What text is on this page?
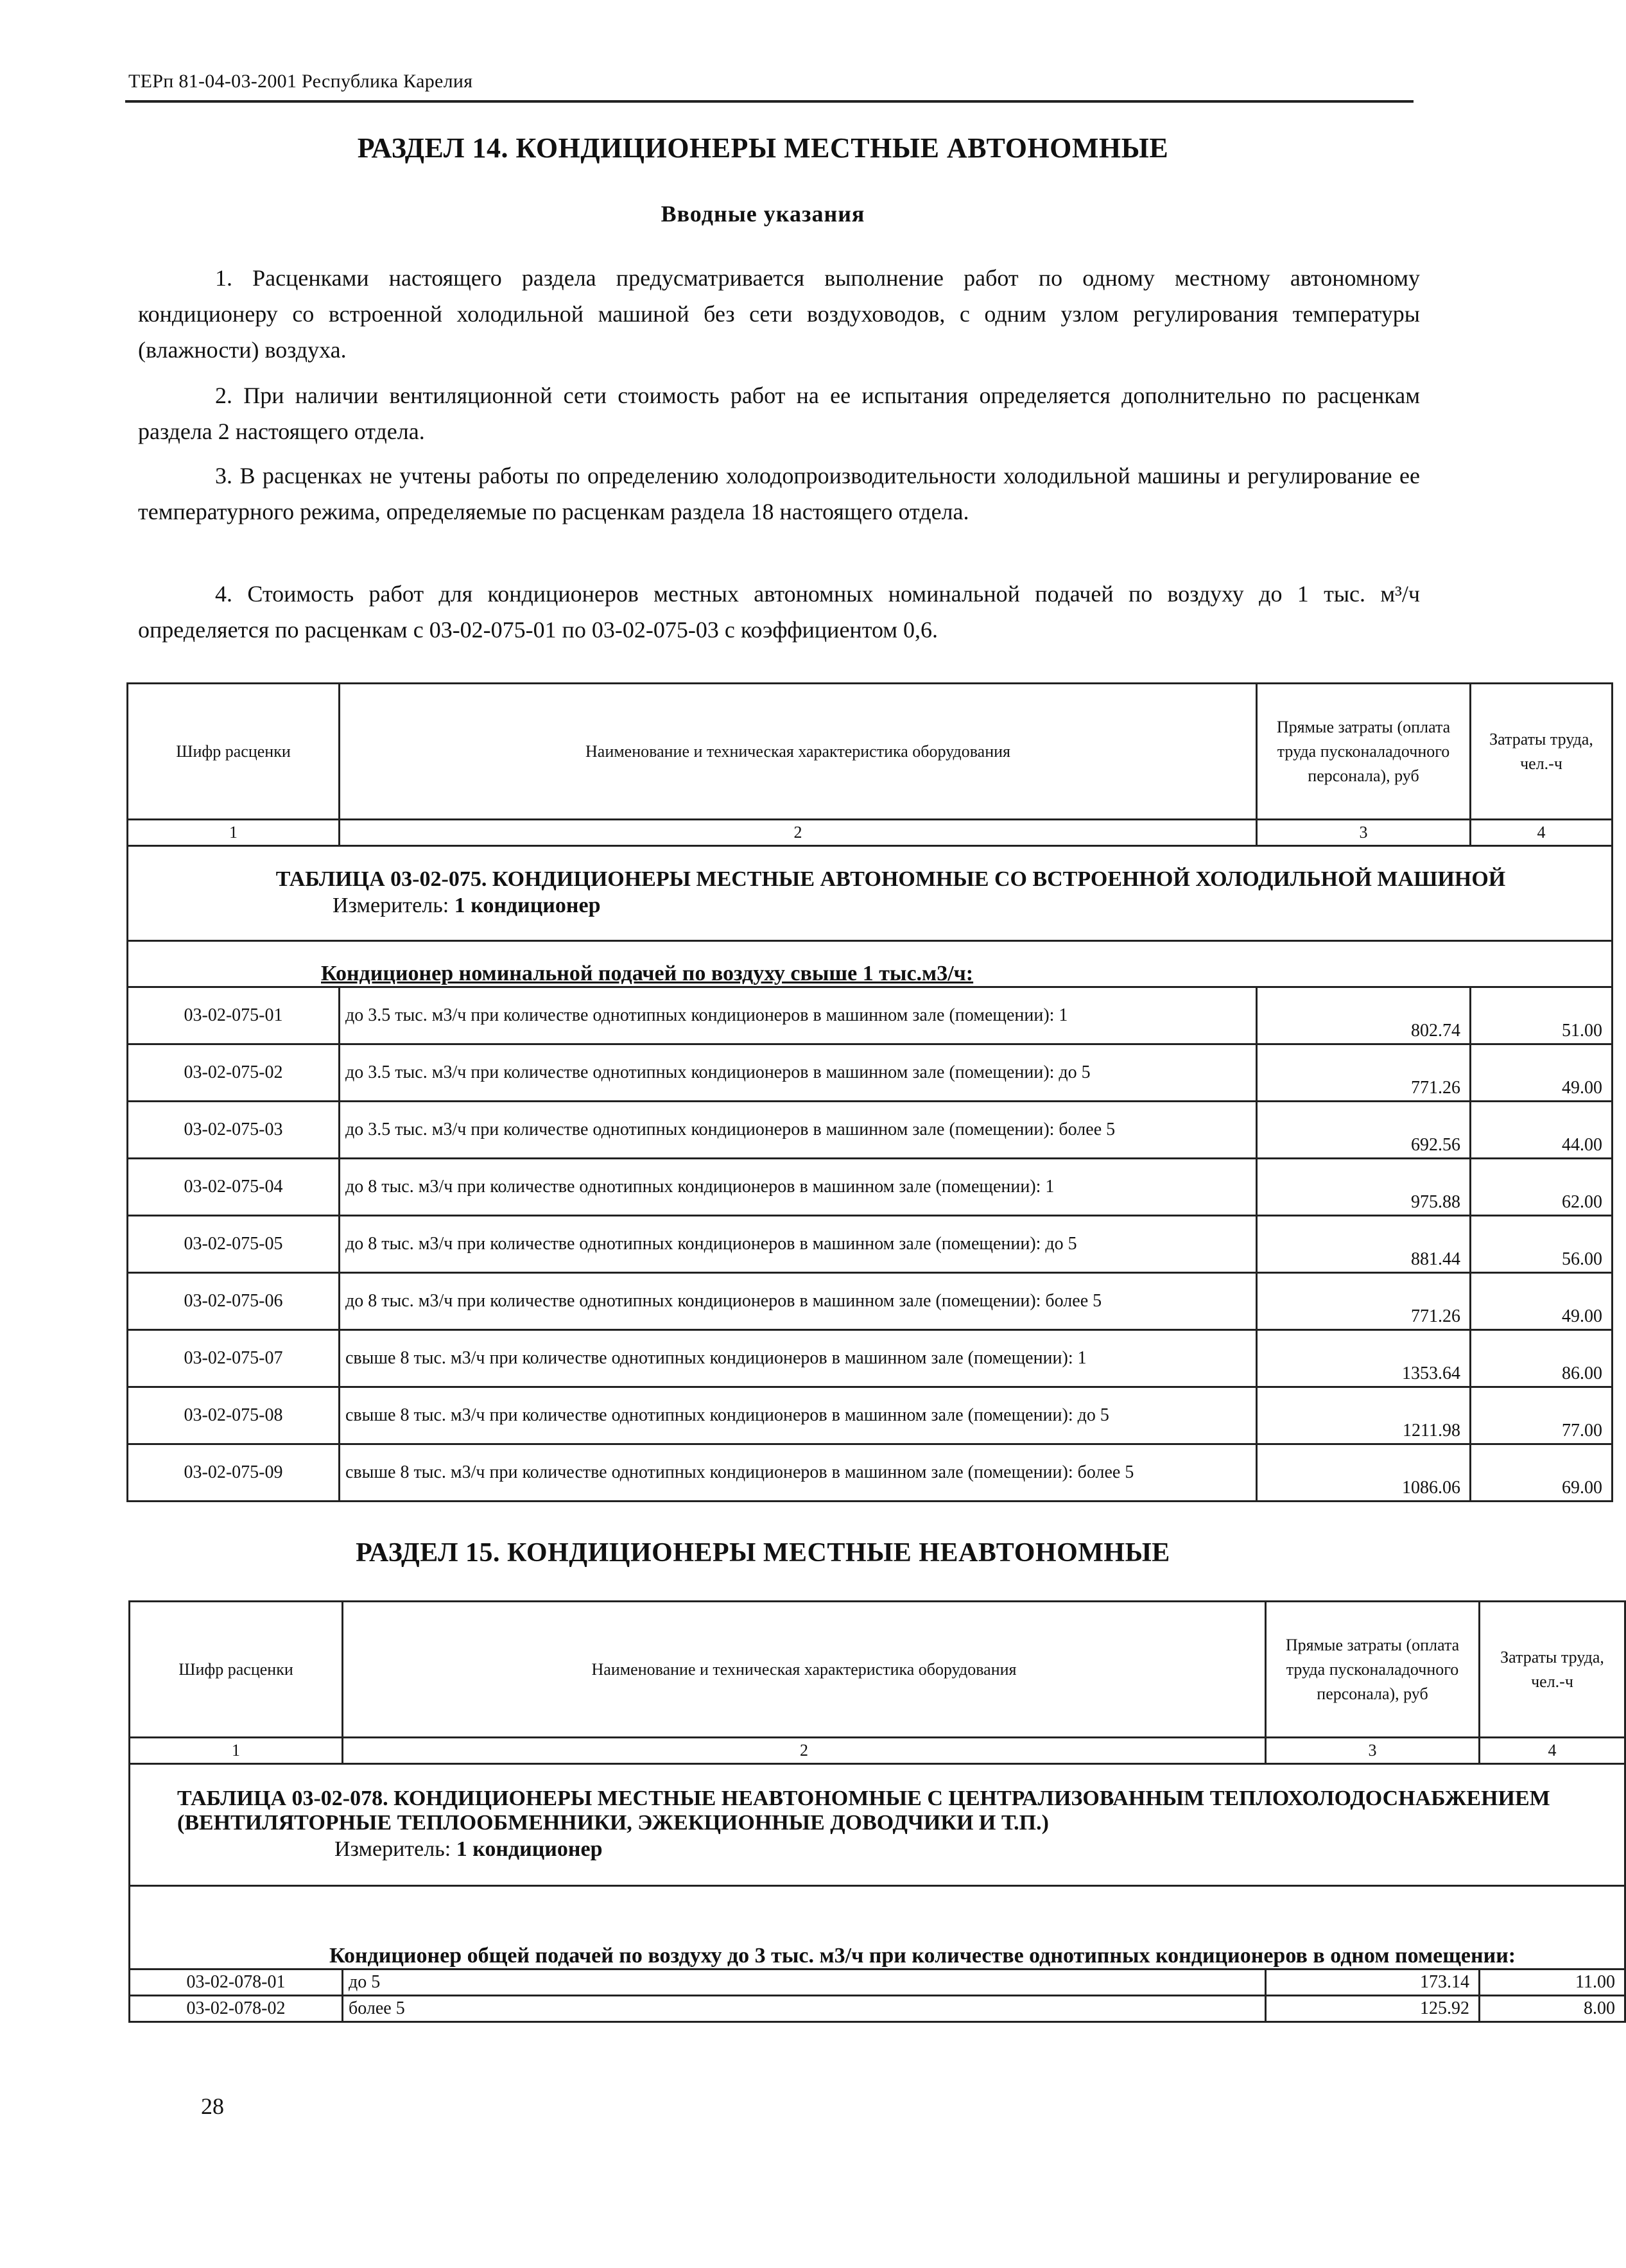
ТЕРп 81-04-03-2001 Республика Карелия
РАЗДЕЛ 14. КОНДИЦИОНЕРЫ МЕСТНЫЕ АВТОНОМНЫЕ
Вводные указания
1. Расценками настоящего раздела предусматривается выполнение работ по одному местному автономному кондиционеру со встроенной холодильной машиной без сети воздуховодов, с одним узлом регулирования температуры (влажности) воздуха.
2. При наличии вентиляционной сети стоимость работ на ее испытания определяется дополнительно по расценкам раздела 2 настоящего отдела.
3. В расценках не учтены работы по определению холодопроизводительности холодильной машины и регулирование ее температурного режима, определяемые по расценкам раздела 18 настоящего отдела.
4. Стоимость работ для кондиционеров местных автономных номинальной подачей по воздуху до 1 тыс. м³/ч определяется по расценкам с 03-02-075-01 по 03-02-075-03 с коэффициентом 0,6.
Шифр расценки	Наименование и техническая характеристика оборудования	Прямые затраты (оплата труда пусконаладочного персонала), руб	Затраты труда, чел.-ч
1	2	3	4

ТАБЛИЦА 03-02-075. КОНДИЦИОНЕРЫ МЕСТНЫЕ АВТОНОМНЫЕ СО ВСТРОЕННОЙ ХОЛОДИЛЬНОЙ МАШИНОЙ
Измеритель: 1 кондиционер			

Кондиционер номинальной подачей по воздуху свыше 1 тыс.м3/ч:			
03-02-075-01	до 3.5 тыс. м3/ч при количестве однотипных кондиционеров в машинном зале (помещении): 1	802.74	51.00
03-02-075-02	до 3.5 тыс. м3/ч при количестве однотипных кондиционеров в машинном зале (помещении): до 5	771.26	49.00
03-02-075-03	до 3.5 тыс. м3/ч при количестве однотипных кондиционеров в машинном зале (помещении): более 5	692.56	44.00
03-02-075-04	до 8 тыс. м3/ч при количестве однотипных кондиционеров в машинном зале (помещении): 1	975.88	62.00
03-02-075-05	до 8 тыс. м3/ч при количестве однотипных кондиционеров в машинном зале (помещении): до 5	881.44	56.00
03-02-075-06	до 8 тыс. м3/ч при количестве однотипных кондиционеров в машинном зале (помещении): более 5	771.26	49.00
03-02-075-07	свыше 8 тыс. м3/ч при количестве однотипных кондиционеров в машинном зале (помещении): 1	1353.64	86.00
03-02-075-08	свыше 8 тыс. м3/ч при количестве однотипных кондиционеров в машинном зале (помещении): до 5	1211.98	77.00
03-02-075-09	свыше 8 тыс. м3/ч при количестве однотипных кондиционеров в машинном зале (помещении): более 5	1086.06	69.00
РАЗДЕЛ 15. КОНДИЦИОНЕРЫ МЕСТНЫЕ НЕАВТОНОМНЫЕ
Шифр расценки	Наименование и техническая характеристика оборудования	Прямые затраты (оплата труда пусконаладочного персонала), руб	Затраты труда, чел.-ч
1	2	3	4

ТАБЛИЦА 03-02-078. КОНДИЦИОНЕРЫ МЕСТНЫЕ НЕАВТОНОМНЫЕ С ЦЕНТРАЛИЗОВАННЫМ ТЕПЛОХОЛОДОСНАБЖЕНИЕМ (ВЕНТИЛЯТОРНЫЕ ТЕПЛООБМЕННИКИ, ЭЖЕКЦИОННЫЕ ДОВОДЧИКИ И Т.П.)
Измеритель: 1 кондиционер			

Кондиционер общей подачей по воздуху до 3 тыс. м3/ч при количестве однотипных кондиционеров в одном помещении:			
03-02-078-01	до 5	173.14	11.00
03-02-078-02	более 5	125.92	8.00
28
